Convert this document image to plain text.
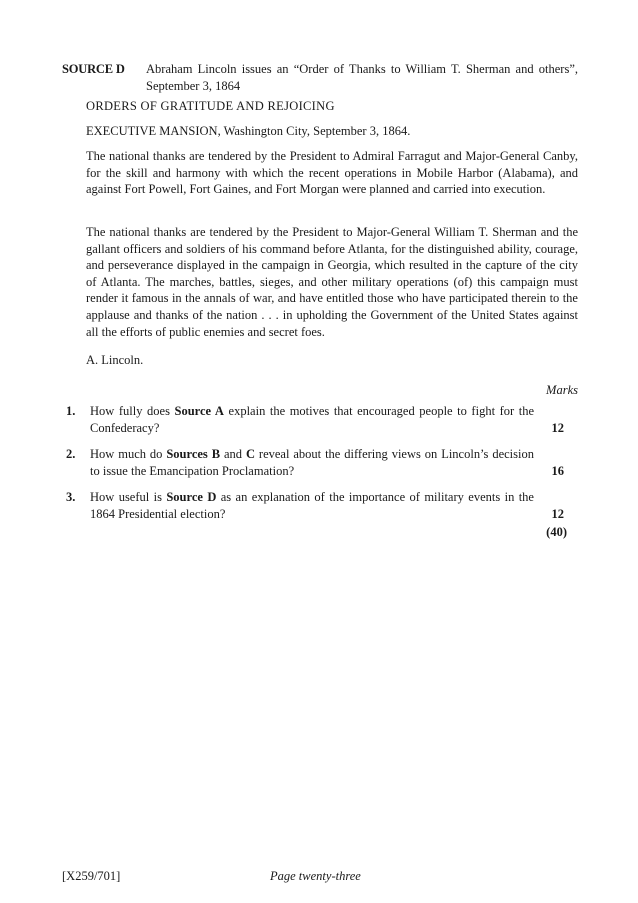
SOURCE D	Abraham Lincoln issues an “Order of Thanks to William T. Sherman and others”, September 3, 1864
ORDERS OF GRATITUDE AND REJOICING
EXECUTIVE MANSION, Washington City, September 3, 1864.
The national thanks are tendered by the President to Admiral Farragut and Major-General Canby, for the skill and harmony with which the recent operations in Mobile Harbor (Alabama), and against Fort Powell, Fort Gaines, and Fort Morgan were planned and carried into execution.
The national thanks are tendered by the President to Major-General William T. Sherman and the gallant officers and soldiers of his command before Atlanta, for the distinguished ability, courage, and perseverance displayed in the campaign in Georgia, which resulted in the capture of the city of Atlanta. The marches, battles, sieges, and other military operations (of) this campaign must render it famous in the annals of war, and have entitled those who have participated therein to the applause and thanks of the nation . . . in upholding the Government of the United States against all the efforts of public enemies and secret foes.
A. Lincoln.
Marks
1.	How fully does Source A explain the motives that encouraged people to fight for the Confederacy?	12
2.	How much do Sources B and C reveal about the differing views on Lincoln’s decision to issue the Emancipation Proclamation?	16
3.	How useful is Source D as an explanation of the importance of military events in the 1864 Presidential election?	12
(40)
[X259/701]	Page twenty-three
